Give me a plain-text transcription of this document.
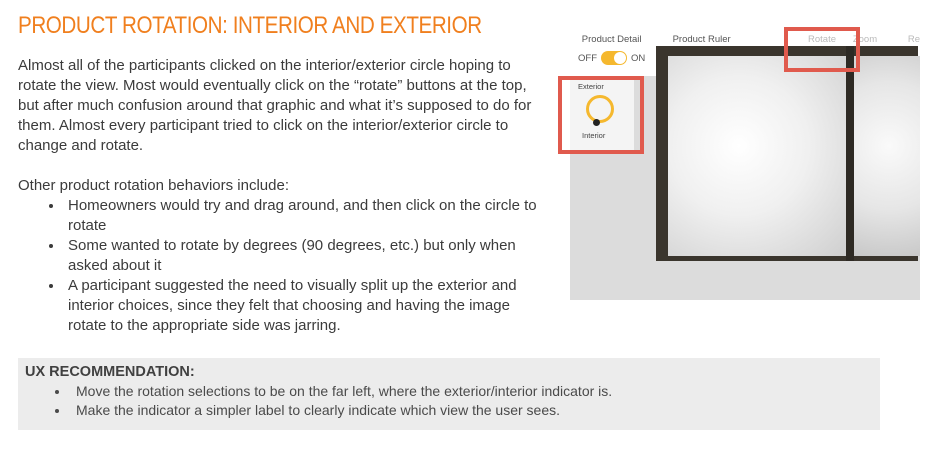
PRODUCT ROTATION: INTERIOR AND EXTERIOR

Almost all of the participants clicked on the interior/exterior circle hoping to rotate the view. Most would eventually click on the “rotate” buttons at the top, but after much confusion around that graphic and what it’s supposed to do for them. Almost every participant tried to click on the interior/exterior circle to change and rotate.

Other product rotation behaviors include:

• Homeowners would try and drag around, and then click on the circle to rotate
• Some wanted to rotate by degrees (90 degrees, etc.) but only when asked about it
• A participant suggested the need to visually split up the exterior and interior choices, since they felt that choosing and having the image rotate to the appropriate side was jarring.
Product Detail
OFF	ON
Product Ruler	Rotate	Zoom	Re
Exterior
Interior
UX RECOMMENDATION:
• Move the rotation selections to be on the far left, where the exterior/interior indicator is.
• Make the indicator a simpler label to clearly indicate which view the user sees.
